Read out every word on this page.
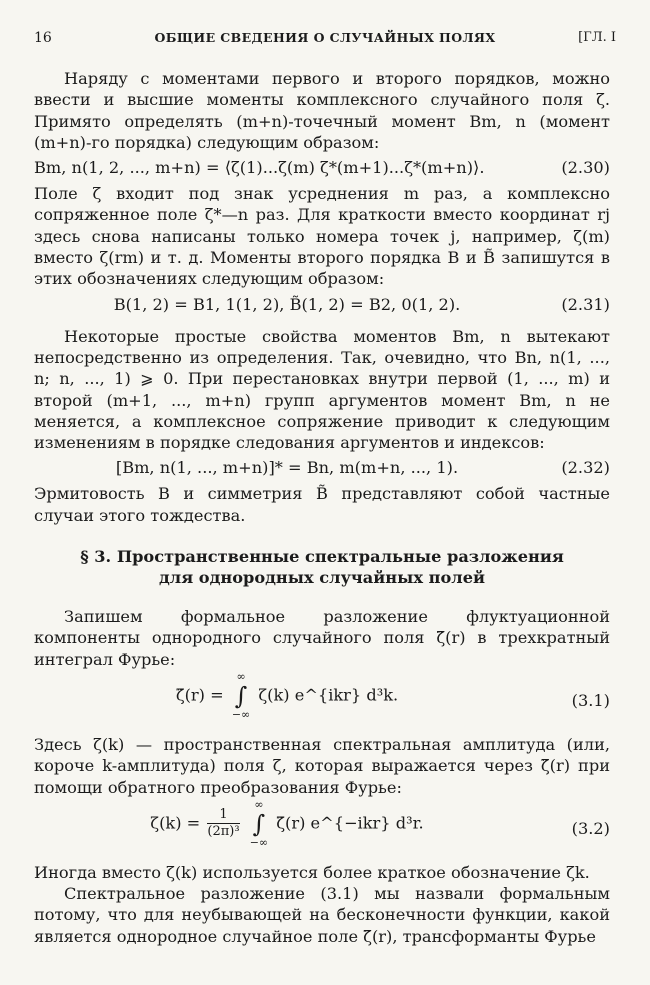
16	ОБЩИЕ СВЕДЕНИЯ О СЛУЧАЙНЫХ ПОЛЯХ	[ГЛ. I

Наряду с моментами первого и второго порядков, можно ввести и высшие моменты комплексного случайного поля ζ. Примято определять (m+n)-точечный момент Bm, n (момент (m+n)-го порядка) следующим образом:

Bm, n(1, 2, ..., m+n) = ⟨ζ(1)...ζ(m) ζ*(m+1)...ζ*(m+n)⟩.	(2.30)

Поле ζ входит под знак усреднения m раз, а комплексно сопряженное поле ζ*—n раз. Для краткости вместо координат rj здесь снова написаны только номера точек j, например, ζ(m) вместо ζ(rm) и т. д. Моменты второго порядка B и B̃ запишутся в этих обозначениях следующим образом:

B(1, 2) = B1, 1(1, 2), B̃(1, 2) = B2, 0(1, 2).	(2.31)

Некоторые простые свойства моментов Bm, n вытекают непосредственно из определения. Так, очевидно, что Bn, n(1, ..., n; n, ..., 1) ⩾ 0. При перестановках внутри первой (1, ..., m) и второй (m+1, ..., m+n) групп аргументов момент Bm, n не меняется, а комплексное сопряжение приводит к следующим изменениям в порядке следования аргументов и индексов:

[Bm, n(1, ..., m+n)]* = Bn, m(m+n, ..., 1).	(2.32)

Эрмитовость B и симметрия B̃ представляют собой частные случаи этого тождества.

§ 3. Пространственные спектральные разложения
для однородных случайных полей

Запишем формальное разложение флуктуационной компоненты однородного случайного поля ζ̃(r) в трехкратный интеграл Фурье:

ζ̃(r) =
∞
∫
−∞
ζ(k) e^{ikr} d³k.	(3.1)

Здесь ζ(k) — пространственная спектральная амплитуда (или, короче k-амплитуда) поля ζ, которая выражается через ζ̃(r) при помощи обратного преобразования Фурье:

$\zeta(k) = \frac{1}{\text{(2π)³}}$

∞
∫
−∞
ζ̃(r) e^{−ikr} d³r.	(3.2)

Иногда вместо ζ(k) используется более краткое обозначение ζk.

Спектральное разложение (3.1) мы назвали формальным потому, что для неубывающей на бесконечности функции, какой является однородное случайное поле ζ̃(r), трансформанты Фурье
